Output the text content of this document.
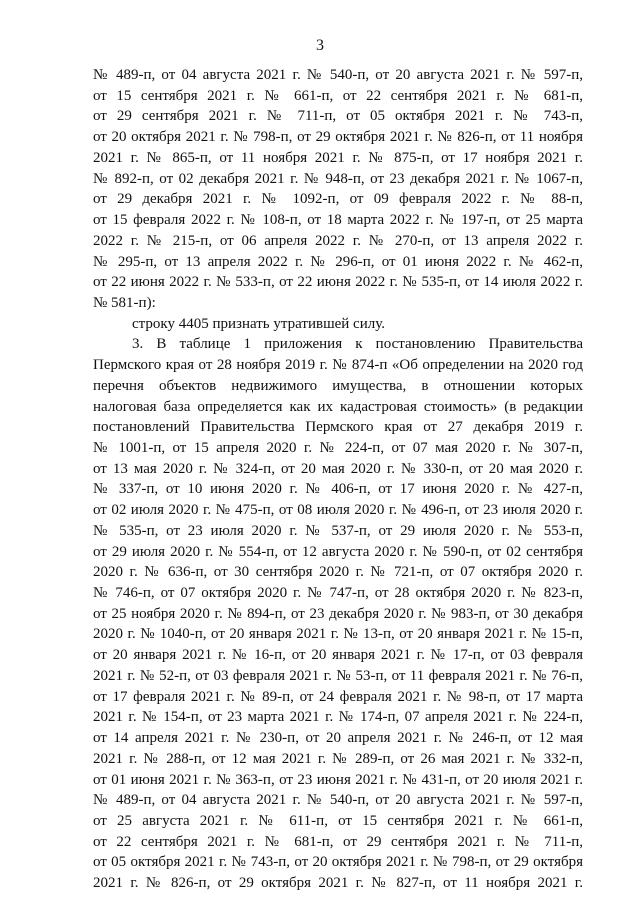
3
№ 489-п, от 04 августа 2021 г. № 540-п, от 20 августа 2021 г. № 597-п,
от 15 сентября 2021 г. № 661-п, от 22 сентября 2021 г. № 681-п,
от 29 сентября 2021 г. № 711-п, от 05 октября 2021 г. № 743-п,
от 20 октября 2021 г. № 798-п, от 29 октября 2021 г. № 826-п, от 11 ноября
2021 г. № 865-п, от 11 ноября 2021 г. № 875-п, от 17 ноября 2021 г.
№ 892-п, от 02 декабря 2021 г. № 948-п, от 23 декабря 2021 г. № 1067-п,
от 29 декабря 2021 г. № 1092-п, от 09 февраля 2022 г. № 88-п,
от 15 февраля 2022 г. № 108-п, от 18 марта 2022 г. № 197-п, от 25 марта
2022 г. № 215-п, от 06 апреля 2022 г. № 270-п, от 13 апреля 2022 г.
№ 295-п, от 13 апреля 2022 г. № 296-п, от 01 июня 2022 г. № 462-п,
от 22 июня 2022 г. № 533-п, от 22 июня 2022 г. № 535-п, от 14 июля 2022 г.
№ 581-п):
строку 4405 признать утратившей силу.
3. В таблице 1 приложения к постановлению Правительства
Пермского края от 28 ноября 2019 г. № 874-п «Об определении на 2020 год
перечня объектов недвижимого имущества, в отношении которых
налоговая база определяется как их кадастровая стоимость» (в редакции
постановлений Правительства Пермского края от 27 декабря 2019 г.
№ 1001-п, от 15 апреля 2020 г. № 224-п, от 07 мая 2020 г. № 307-п,
от 13 мая 2020 г. № 324-п, от 20 мая 2020 г. № 330-п, от 20 мая 2020 г.
№ 337-п, от 10 июня 2020 г. № 406-п, от 17 июня 2020 г. № 427-п,
от 02 июля 2020 г. № 475-п, от 08 июля 2020 г. № 496-п, от 23 июля 2020 г.
№ 535-п, от 23 июля 2020 г. № 537-п, от 29 июля 2020 г. № 553-п,
от 29 июля 2020 г. № 554-п, от 12 августа 2020 г. № 590-п, от 02 сентября
2020 г. № 636-п, от 30 сентября 2020 г. № 721-п, от 07 октября 2020 г.
№ 746-п, от 07 октября 2020 г. № 747-п, от 28 октября 2020 г. № 823-п,
от 25 ноября 2020 г. № 894-п, от 23 декабря 2020 г. № 983-п, от 30 декабря
2020 г. № 1040-п, от 20 января 2021 г. № 13-п, от 20 января 2021 г. № 15-п,
от 20 января 2021 г. № 16-п, от 20 января 2021 г. № 17-п, от 03 февраля
2021 г. № 52-п, от 03 февраля 2021 г. № 53-п, от 11 февраля 2021 г. № 76-п,
от 17 февраля 2021 г. № 89-п, от 24 февраля 2021 г. № 98-п, от 17 марта
2021 г. № 154-п, от 23 марта 2021 г. № 174-п, 07 апреля 2021 г. № 224-п,
от 14 апреля 2021 г. № 230-п, от 20 апреля 2021 г. № 246-п, от 12 мая
2021 г. № 288-п, от 12 мая 2021 г. № 289-п, от 26 мая 2021 г. № 332-п,
от 01 июня 2021 г. № 363-п, от 23 июня 2021 г. № 431-п, от 20 июля 2021 г.
№ 489-п, от 04 августа 2021 г. № 540-п, от 20 августа 2021 г. № 597-п,
от 25 августа 2021 г. № 611-п, от 15 сентября 2021 г. № 661-п,
от 22 сентября 2021 г. № 681-п, от 29 сентября 2021 г. № 711-п,
от 05 октября 2021 г. № 743-п, от 20 октября 2021 г. № 798-п, от 29 октября
2021 г. № 826-п, от 29 октября 2021 г. № 827-п, от 11 ноября 2021 г.
